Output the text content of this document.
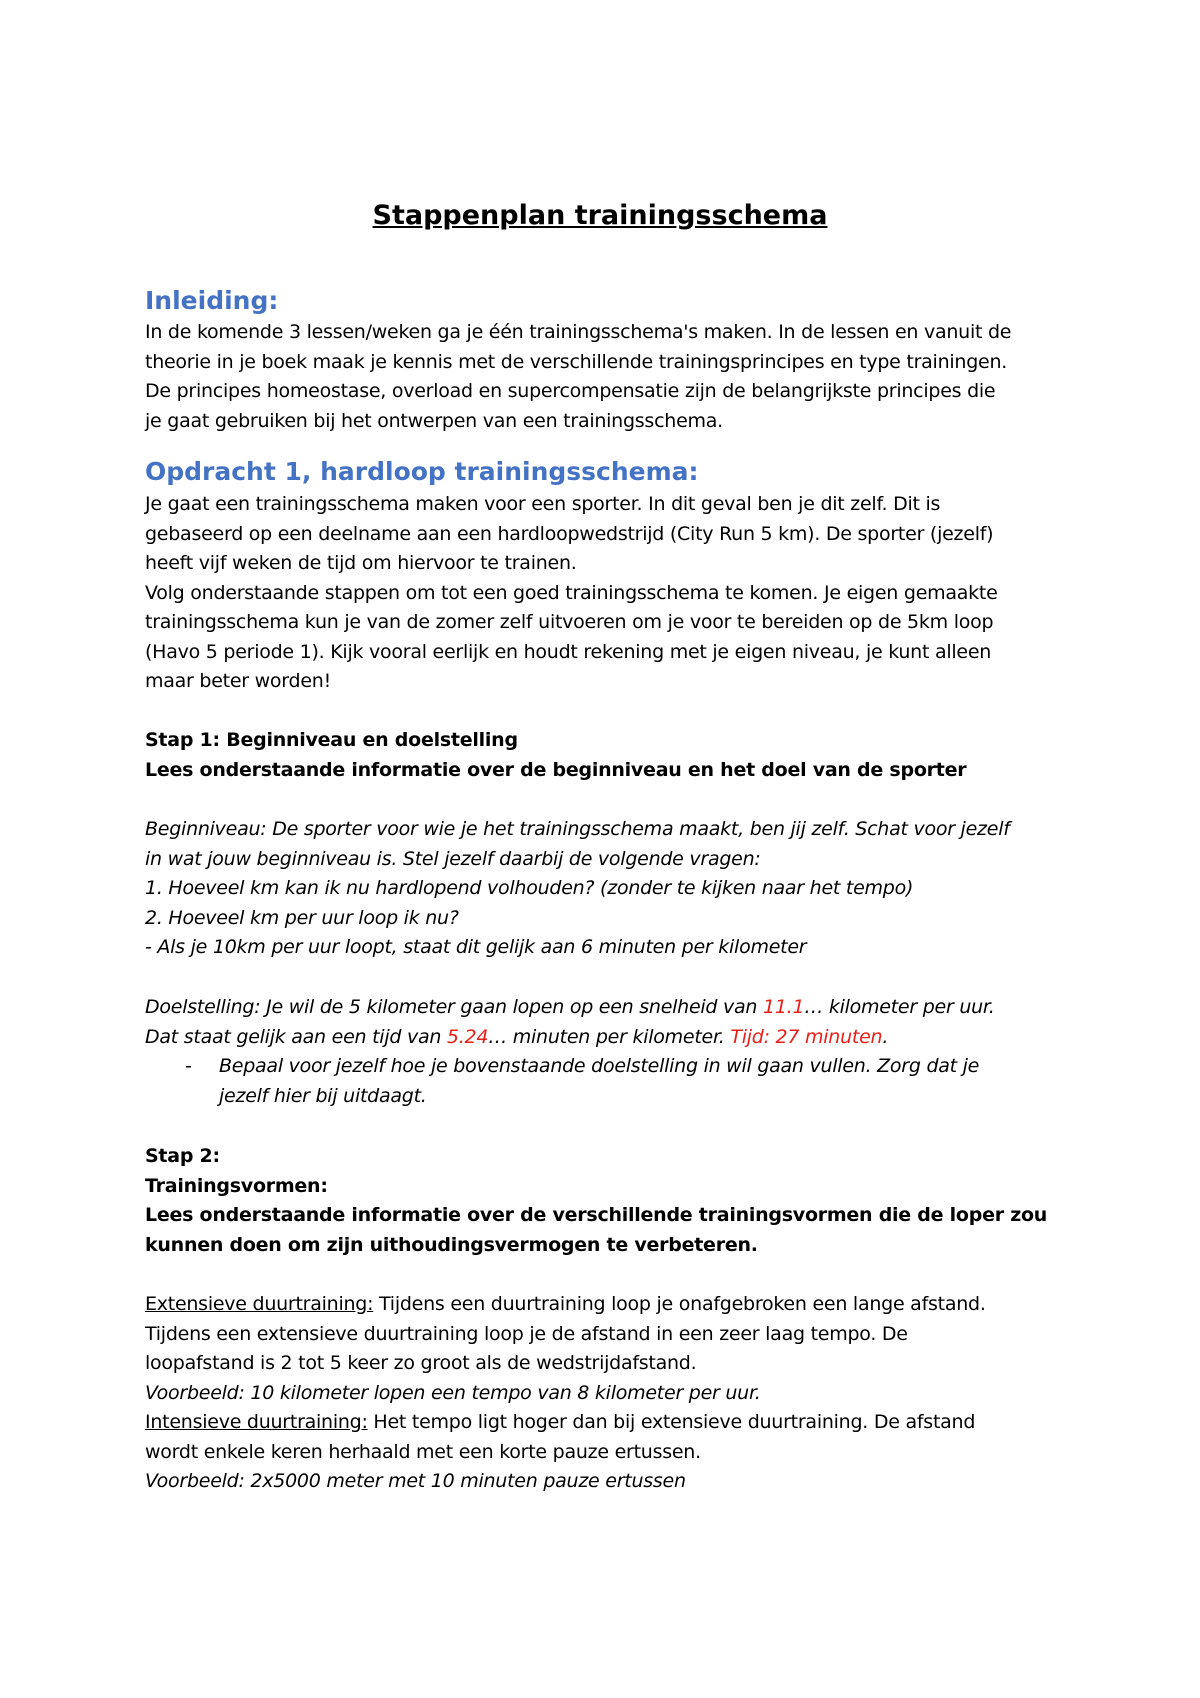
Stappenplan trainingsschema
Inleiding:

In de komende 3 lessen/weken ga je één trainingsschema's maken. In de lessen en vanuit de

theorie in je boek maak je kennis met de verschillende trainingsprincipes en type trainingen.

De principes homeostase, overload en supercompensatie zijn de belangrijkste principes die

je gaat gebruiken bij het ontwerpen van een trainingsschema.

Opdracht 1, hardloop trainingsschema:

Je gaat een trainingsschema maken voor een sporter. In dit geval ben je dit zelf. Dit is

gebaseerd op een deelname aan een hardloopwedstrijd (City Run 5 km). De sporter (jezelf)

heeft vijf weken de tijd om hiervoor te trainen.

Volg onderstaande stappen om tot een goed trainingsschema te komen. Je eigen gemaakte

trainingsschema kun je van de zomer zelf uitvoeren om je voor te bereiden op de 5km loop

(Havo 5 periode 1). Kijk vooral eerlijk en houdt rekening met je eigen niveau, je kunt alleen

maar beter worden!

Stap 1: Beginniveau en doelstelling

Lees onderstaande informatie over de beginniveau en het doel van de sporter

Beginniveau: De sporter voor wie je het trainingsschema maakt, ben jij zelf. Schat voor jezelf

in wat jouw beginniveau is. Stel jezelf daarbij de volgende vragen:

1. Hoeveel km kan ik nu hardlopend volhouden? (zonder te kijken naar het tempo)

2. Hoeveel km per uur loop ik nu?

- Als je 10km per uur loopt, staat dit gelijk aan 6 minuten per kilometer

Doelstelling: Je wil de 5 kilometer gaan lopen op een snelheid van 11.1… kilometer per uur.

Dat staat gelijk aan een tijd van 5.24… minuten per kilometer. Tijd: 27 minuten.

- Bepaal voor jezelf hoe je bovenstaande doelstelling in wil gaan vullen. Zorg dat je

jezelf hier bij uitdaagt.

Stap 2:

Trainingsvormen:

Lees onderstaande informatie over de verschillende trainingsvormen die de loper zou

kunnen doen om zijn uithoudingsvermogen te verbeteren.

Extensieve duurtraining: Tijdens een duurtraining loop je onafgebroken een lange afstand.

Tijdens een extensieve duurtraining loop je de afstand in een zeer laag tempo. De

loopafstand is 2 tot 5 keer zo groot als de wedstrijdafstand.

Voorbeeld: 10 kilometer lopen een tempo van 8 kilometer per uur.

Intensieve duurtraining: Het tempo ligt hoger dan bij extensieve duurtraining. De afstand

wordt enkele keren herhaald met een korte pauze ertussen.

Voorbeeld: 2x5000 meter met 10 minuten pauze ertussen
